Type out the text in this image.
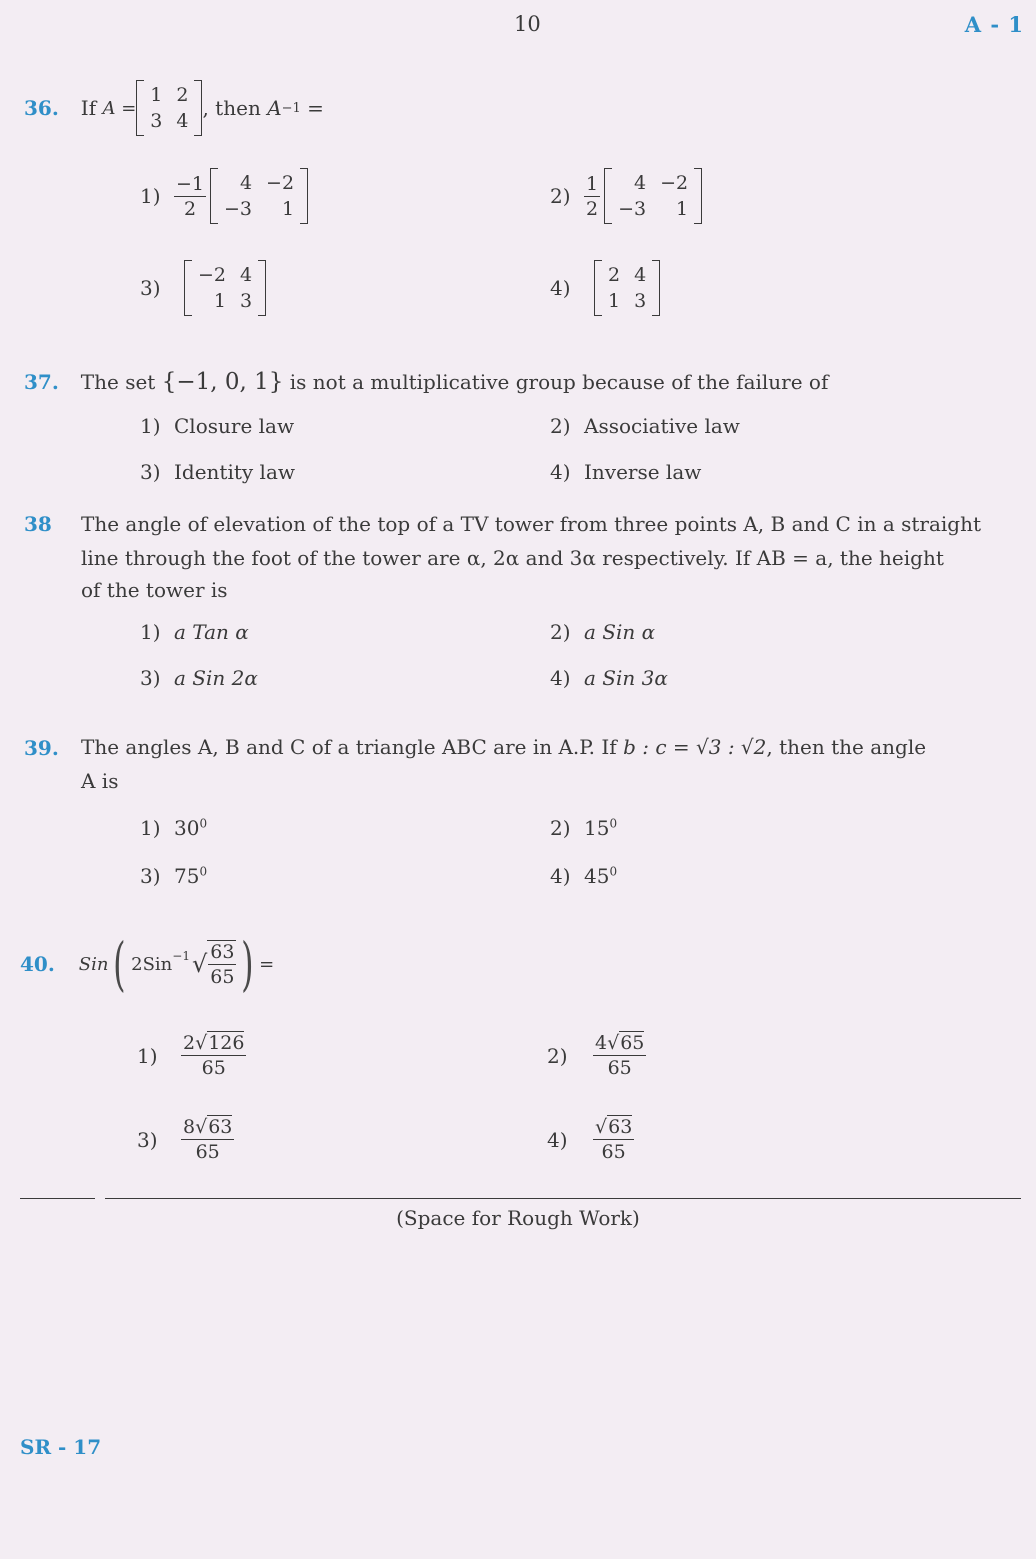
10	A - 1
36. If
A =
1 2
3 4
, then
A −1
=
$1) \frac{-1}{2}$	4 −2
−3	1
$2) \frac{1}{2}$	4 −2
−3	1
3)
−2 4
1 3
4)
2 4
1 3
37. The set {−1, 0, 1} is not a multiplicative group because of the failure of
1) Closure law	2) Associative law
3) Identity law	4) Inverse law
38 The angle of elevation of the top of a TV tower from three points A, B and C in a straight
line through the foot of the tower are α, 2α and 3α respectively. If AB = a, the height
of the tower is
1) a Tan α	2) a Sin α
3) a Sin 2α	4) a Sin 3α
39. The angles A, B and C of a triangle ABC are in A.P. If b : c = √3 : √2, then the angle
A is
1) $30^0$	2) $15^0$
3) $75^0$	4) $45^0$
40. Sin ( 2Sin$^{-1}$ √ $\frac{63}{65}$ ) =
1)	$\frac{2√126}{65}$	2)	$\frac{4√65}{65}$
3)	$\frac{8√63}{65}$	4)	$\frac{√63}{65}$
(Space for Rough Work)
SR - 17
